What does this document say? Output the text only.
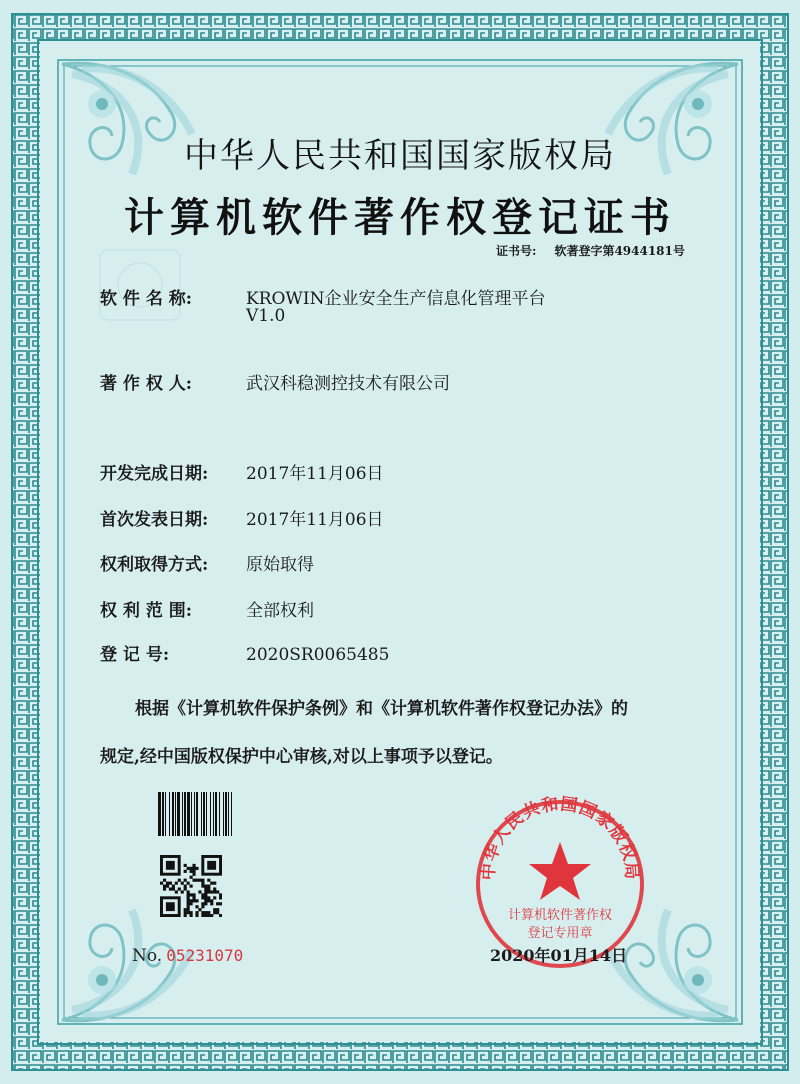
中华人民共和国国家版权局
计算机软件著作权登记证书
证书号: 软著登字第4944181号
软 件 名 称:	KROWIN企业安全生产信息化管理平台
V1.0
著 作 权 人:	武汉科稳测控技术有限公司
开发完成日期: 2017年11月06日
首次发表日期: 2017年11月06日
权利取得方式: 原始取得
权 利 范 围:	全部权利
登 记 号:	2020SR0065485
根据《计算机软件保护条例》和《计算机软件著作权登记办法》的
规定,经中国版权保护中心审核,对以上事项予以登记。
No. 05231070
中华人民共和国国家版权局
计算机软件著作权
登记专用章
2020年01月14日
